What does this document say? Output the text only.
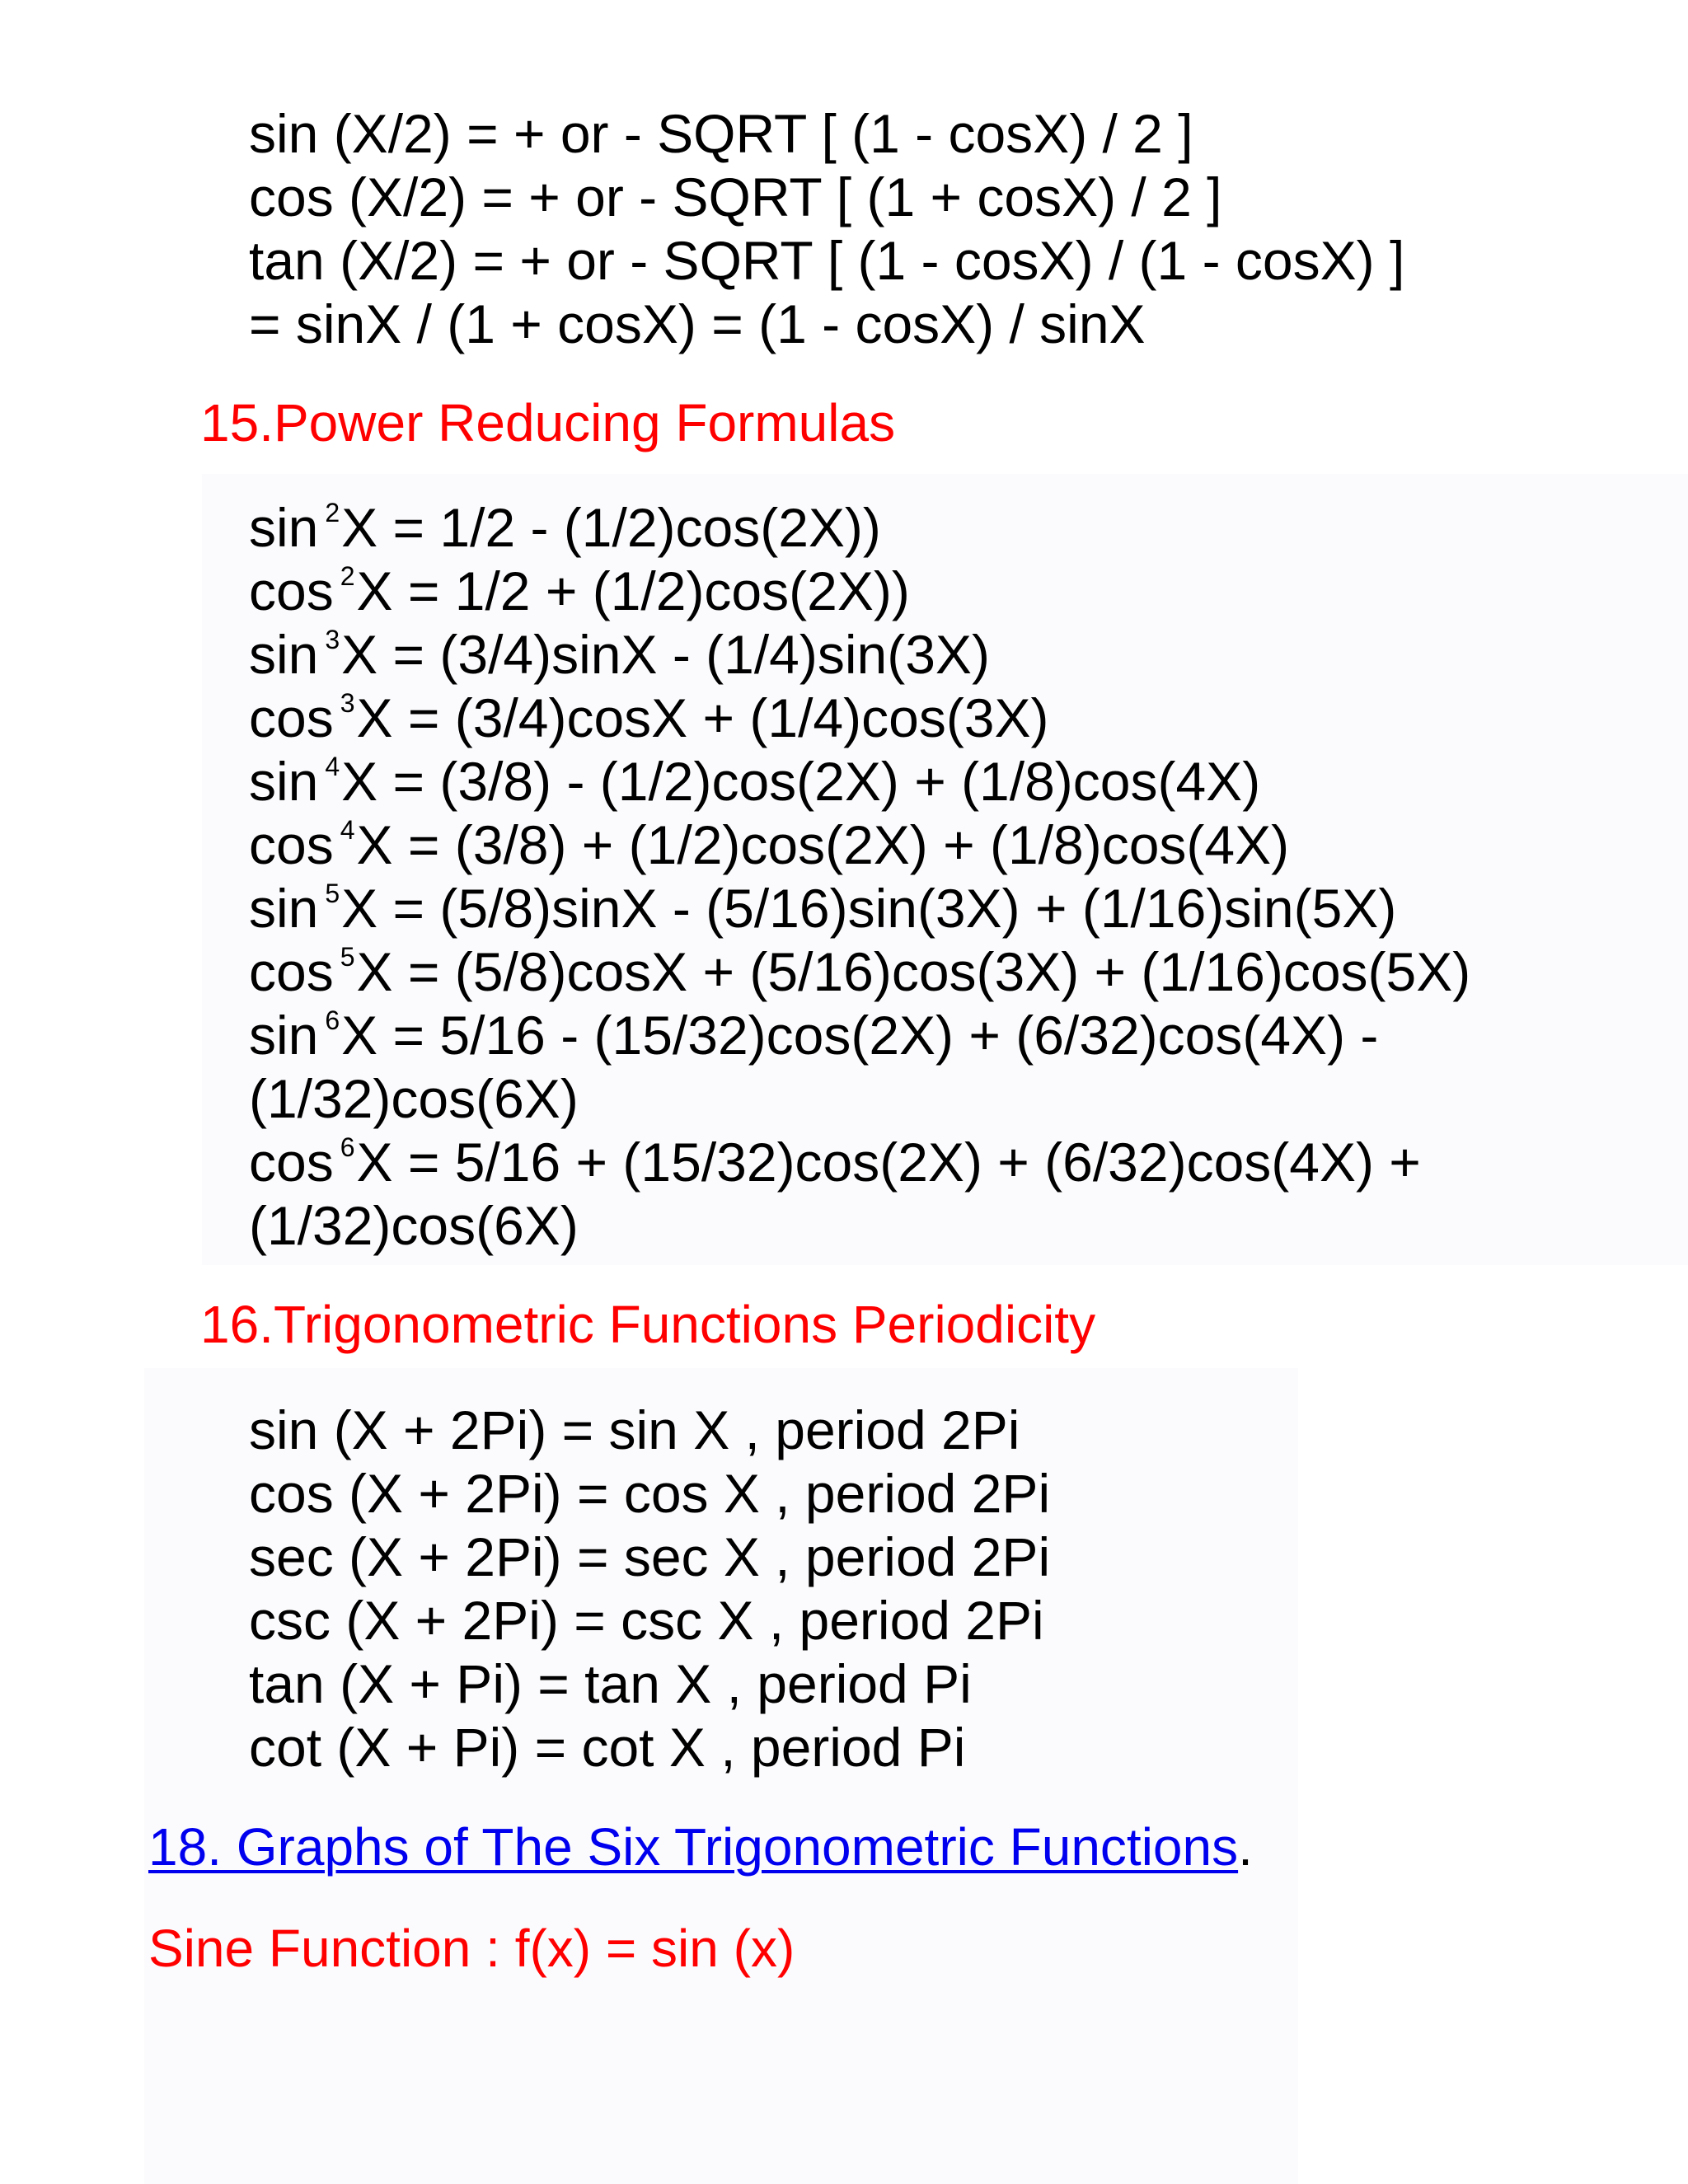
sin (X/2) = + or - SQRT [ (1 - cosX) / 2 ]
cos (X/2) = + or - SQRT [ (1 + cosX) / 2 ]
tan (X/2) = + or - SQRT [ (1 - cosX) / (1 - cosX) ]
= sinX / (1 + cosX) = (1 - cosX) / sinX
15.Power Reducing Formulas
sin $^2$X = 1/2 - (1/2)cos(2X))
cos $^2$X = 1/2 + (1/2)cos(2X))
sin $^3$X = (3/4)sinX - (1/4)sin(3X)
cos $^3$X = (3/4)cosX + (1/4)cos(3X)
sin $^4$X = (3/8) - (1/2)cos(2X) + (1/8)cos(4X)
cos $^4$X = (3/8) + (1/2)cos(2X) + (1/8)cos(4X)
sin $^5$X = (5/8)sinX - (5/16)sin(3X) + (1/16)sin(5X)
cos $^5$X = (5/8)cosX + (5/16)cos(3X) + (1/16)cos(5X)
sin $^6$X = 5/16 - (15/32)cos(2X) + (6/32)cos(4X) -
(1/32)cos(6X)
cos $^6$X = 5/16 + (15/32)cos(2X) + (6/32)cos(4X) +
(1/32)cos(6X)
16.Trigonometric Functions Periodicity
sin (X + 2Pi) = sin X , period 2Pi
cos (X + 2Pi) = cos X , period 2Pi
sec (X + 2Pi) = sec X , period 2Pi
csc (X + 2Pi) = csc X , period 2Pi
tan (X + Pi) = tan X , period Pi
cot (X + Pi) = cot X , period Pi
18. Graphs of The Six Trigonometric Functions.
Sine Function : f(x) = sin (x)
